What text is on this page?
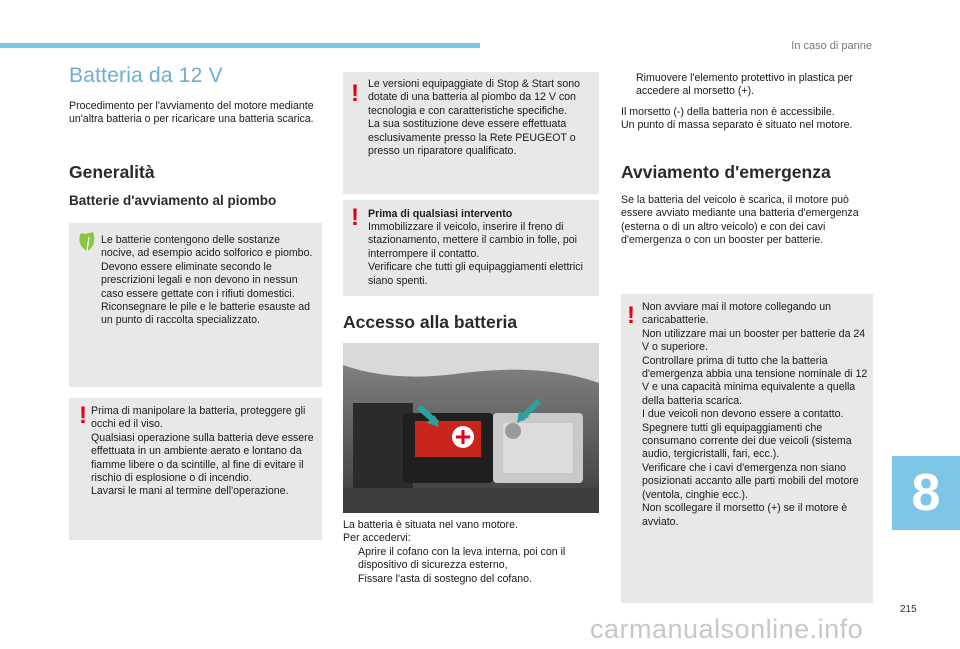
In caso di panne
Batteria da 12 V
Procedimento per l'avviamento del motore mediante un'altra batteria o per ricaricare una batteria scarica.
Generalità
Batterie d'avviamento al piombo
Le batterie contengono delle sostanze nocive, ad esempio acido solforico e piombo.
Devono essere eliminate secondo le prescrizioni legali e non devono in nessun caso essere gettate con i rifiuti domestici.
Riconsegnare le pile e le batterie esauste ad un punto di raccolta specializzato.
! Prima di manipolare la batteria, proteggere gli occhi ed il viso.
Qualsiasi operazione sulla batteria deve essere effettuata in un ambiente aerato e lontano da fiamme libere o da scintille, al fine di evitare il rischio di esplosione o di incendio.
Lavarsi le mani al termine dell'operazione.
! Le versioni equipaggiate di Stop & Start sono dotate di una batteria al piombo da 12 V con tecnologia e con caratteristiche specifiche.
La sua sostituzione deve essere effettuata esclusivamente presso la Rete PEUGEOT o presso un riparatore qualificato.
! Prima di qualsiasi intervento
Immobilizzare il veicolo, inserire il freno di stazionamento, mettere il cambio in folle, poi interrompere il contatto.
Verificare che tutti gli equipaggiamenti elettrici siano spenti.
Accesso alla batteria
La batteria è situata nel vano motore.
Per accedervi:
Aprire il cofano con la leva interna, poi con il dispositivo di sicurezza esterno,
Fissare l'asta di sostegno del cofano.
Rimuovere l'elemento protettivo in plastica per accedere al morsetto (+).
Il morsetto (-) della batteria non è accessibile.
Un punto di massa separato è situato nel motore.
Avviamento d'emergenza
Se la batteria del veicolo è scarica, il motore può essere avviato mediante una batteria d'emergenza (esterna o di un altro veicolo) e con dei cavi d'emergenza o con un booster per batterie.
! Non avviare mai il motore collegando un caricabatterie.
Non utilizzare mai un booster per batterie da 24 V o superiore.
Controllare prima di tutto che la batteria d'emergenza abbia una tensione nominale di 12 V e una capacità minima equivalente a quella della batteria scarica.
I due veicoli non devono essere a contatto.
Spegnere tutti gli equipaggiamenti che consumano corrente dei due veicoli (sistema audio, tergicristalli, fari, ecc.).
Verificare che i cavi d'emergenza non siano posizionati accanto alle parti mobili del motore (ventola, cinghie ecc.).
Non scollegare il morsetto (+) se il motore è avviato.	8
215
carmanualsonline.info
